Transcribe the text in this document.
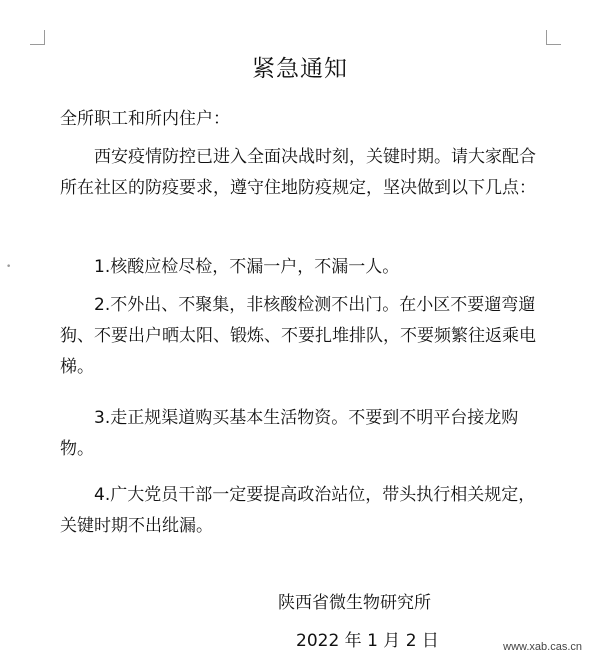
•
紧急通知

全所职工和所内住户：

西安疫情防控已进入全面决战时刻，关键时期。请大家配合所在社区的防疫要求，遵守住地防疫规定，坚决做到以下几点：

1.核酸应检尽检，不漏一户，不漏一人。

2.不外出、不聚集，非核酸检测不出门。在小区不要遛弯遛狗、不要出户晒太阳、锻炼、不要扎堆排队，不要频繁往返乘电梯。

3.走正规渠道购买基本生活物资。不要到不明平台接龙购物。

4.广大党员干部一定要提高政治站位，带头执行相关规定，关键时期不出纰漏。

陕西省微生物研究所
2022 年 1 月 2 日	www.xab.cas.cn
